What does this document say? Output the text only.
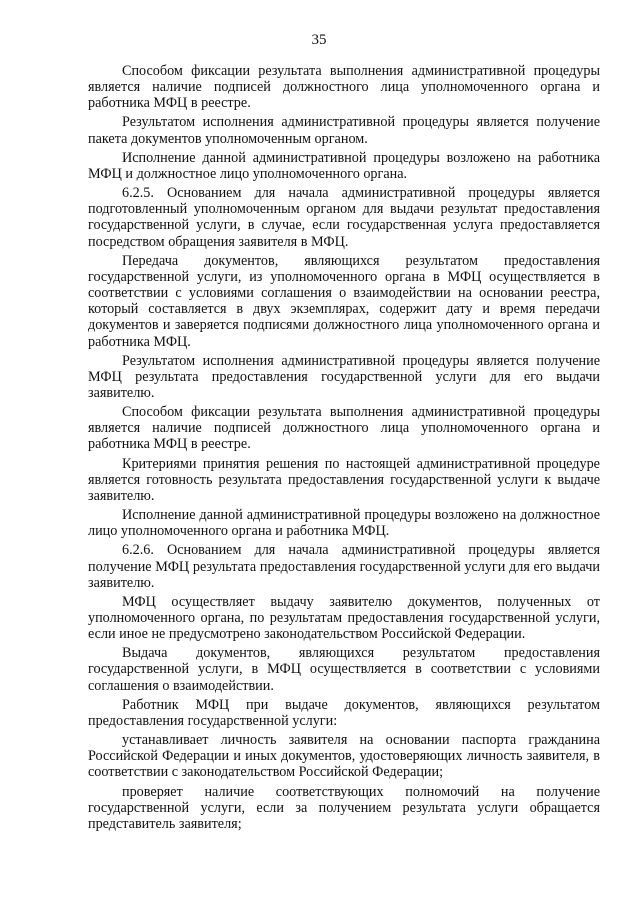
35

Способом фиксации результата выполнения административной процедуры является наличие подписей должностного лица уполномоченного органа и работника МФЦ в реестре.

Результатом исполнения административной процедуры является получение пакета документов уполномоченным органом.

Исполнение данной административной процедуры возложено на работника МФЦ и должностное лицо уполномоченного органа.

6.2.5. Основанием для начала административной процедуры является подготовленный уполномоченным органом для выдачи результат предоставления государственной услуги, в случае, если государственная услуга предоставляется посредством обращения заявителя в МФЦ.

Передача документов, являющихся результатом предоставления государственной услуги, из уполномоченного органа в МФЦ осуществляется в соответствии с условиями соглашения о взаимодействии на основании реестра, который составляется в двух экземплярах, содержит дату и время передачи документов и заверяется подписями должностного лица уполномоченного органа и работника МФЦ.

Результатом исполнения административной процедуры является получение МФЦ результата предоставления государственной услуги для его выдачи заявителю.

Способом фиксации результата выполнения административной процедуры является наличие подписей должностного лица уполномоченного органа и работника МФЦ в реестре.

Критериями принятия решения по настоящей административной процедуре является готовность результата предоставления государственной услуги к выдаче заявителю.

Исполнение данной административной процедуры возложено на должностное лицо уполномоченного органа и работника МФЦ.

6.2.6. Основанием для начала административной процедуры является получение МФЦ результата предоставления государственной услуги для его выдачи заявителю.

МФЦ осуществляет выдачу заявителю документов, полученных от уполномоченного органа, по результатам предоставления государственной услуги, если иное не предусмотрено законодательством Российской Федерации.

Выдача документов, являющихся результатом предоставления государственной услуги, в МФЦ осуществляется в соответствии с условиями соглашения о взаимодействии.

Работник МФЦ при выдаче документов, являющихся результатом предоставления государственной услуги:

устанавливает личность заявителя на основании паспорта гражданина Российской Федерации и иных документов, удостоверяющих личность заявителя, в соответствии с законодательством Российской Федерации;

проверяет наличие соответствующих полномочий на получение государственной услуги, если за получением результата услуги обращается представитель заявителя;
